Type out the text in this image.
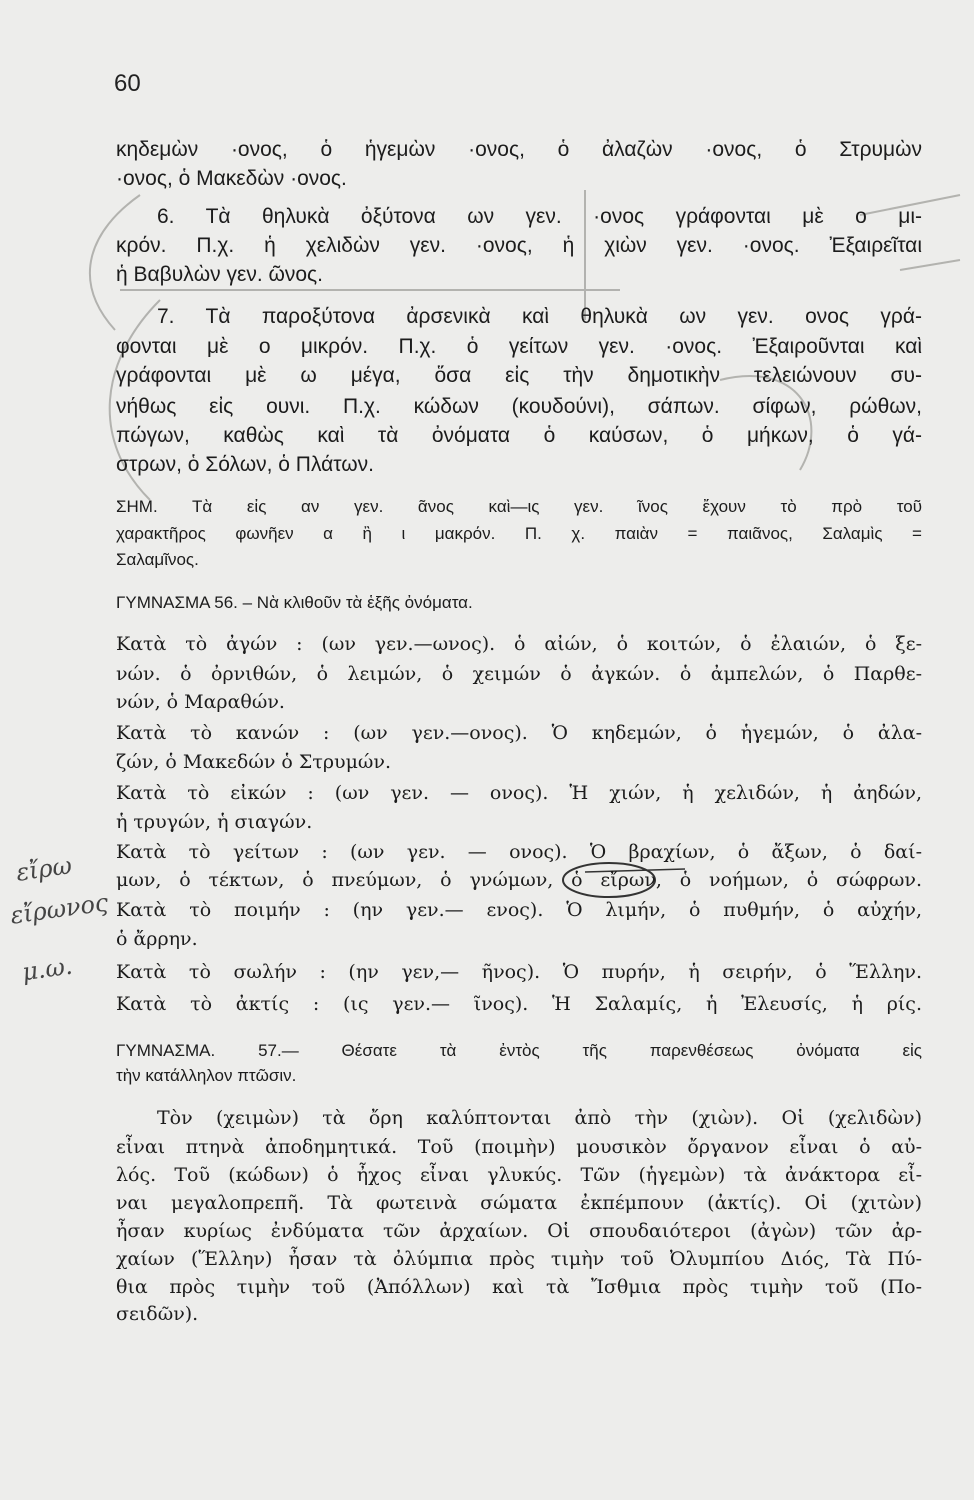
60
κηδεμὼν ·ονος, ὁ ἡγεμὼν ·ονος, ὁ ἀλαζὼν ·ονος, ὁ Στρυμὼν
·ονος, ὁ Μακεδὼν ·ονος.
6. Τὰ θηλυκὰ ὀξύτονα ων γεν. ·ονος γράφονται μὲ ο μι-
κρόν. Π.χ. ἡ χελιδὼν γεν. ·ονος, ἡ χιὼν γεν. ·ονος. Ἐξαιρεῖται
ἡ Βαβυλὼν γεν. ῶνος.
7. Τὰ παροξύτονα ἀρσενικὰ καὶ θηλυκὰ ων γεν. ονος γρά-
φονται μὲ ο μικρόν. Π.χ. ὁ γείτων γεν. ·ονος. Ἐξαιροῦνται καὶ
γράφονται μὲ ω μέγα, ὅσα εἰς τὴν δημοτικὴν τελειώνουν συ-
νήθως εἰς ουνι. Π.χ. κώδων (κουδούνι), σάπων. σίφων, ρώθων,
πώγων, καθὼς καὶ τὰ ὀνόματα ὁ καύσων, ὁ μήκων, ὁ γά-
στρων, ὁ Σόλων, ὁ Πλάτων.
ΣΗΜ. Τὰ εἰς αν γεν. ᾶνος καὶ—ις γεν. ῖνος ἔχουν τὸ πρὸ τοῦ
χαρακτῆρος φωνῆεν α ἢ ι μακρόν. Π. χ. παιὰν = παιᾶνος, Σαλαμὶς =
Σαλαμῖνος.
ΓΥΜΝΑΣΜΑ 56. – Νὰ κλιθοῦν τὰ ἑξῆς ὀνόματα.
Κατὰ τὸ ἀγών : (ων γεν.—ωνος). ὁ αἰών, ὁ κοιτών, ὁ ἐλαιών, ὁ ξε-
νών. ὁ ὀρνιθών, ὁ λειμών, ὁ χειμών ὁ ἀγκών. ὁ ἀμπελών, ὁ Παρθε-
νών, ὁ Μαραθών.
Κατὰ τὸ κανών : (ων γεν.—ονος). Ὁ κηδεμών, ὁ ἡγεμών, ὁ ἀλα-
ζών, ὁ Μακεδών ὁ Στρυμών.
Κατὰ τὸ εἰκών : (ων γεν. — ονος). Ἡ χιών, ἡ χελιδών, ἡ ἀηδών,
ἡ τρυγών, ἡ σιαγών.
Κατὰ τὸ γείτων : (ων γεν. — ονος). Ὁ βραχίων, ὁ ἄξων, ὁ δαί-
μων, ὁ τέκτων, ὁ πνεύμων, ὁ γνώμων, ὁ εἴρων, ὁ νοήμων, ὁ σώφρων.
Κατὰ τὸ ποιμήν : (ην γεν.— ενος). Ὁ λιμήν, ὁ πυθμήν, ὁ αὐχήν,
ὁ ἄρρην.
Κατὰ τὸ σωλήν : (ην γεν,— ῆνος). Ὁ πυρήν, ἡ σειρήν, ὁ Ἕλλην.
Κατὰ τὸ ἀκτίς : (ις γεν.— ῖνος). Ἡ Σαλαμίς, ἡ Ἐλευσίς, ἡ ρίς.
ΓΥΜΝΑΣΜΑ. 57.— Θέσατε τὰ ἐντὸς τῆς παρενθέσεως ὀνόματα εἰς
τὴν κατάλληλον πτῶσιν.
Τὸν (χειμὼν) τὰ ὄρη καλύπτονται ἀπὸ τὴν (χιὼν). Οἱ (χελιδὼν)
εἶναι πτηνὰ ἀποδημητικά. Τοῦ (ποιμὴν) μουσικὸν ὄργανον εἶναι ὁ αὐ-
λός. Τοῦ (κώδων) ὁ ἦχος εἶναι γλυκύς. Τῶν (ἡγεμὼν) τὰ ἀνάκτορα εἶ-
ναι μεγαλοπρεπῆ. Τὰ φωτεινὰ σώματα ἐκπέμπουν (ἀκτίς). Οἱ (χιτὼν)
ἦσαν κυρίως ἐνδύματα τῶν ἀρχαίων. Οἱ σπουδαιότεροι (ἀγὼν) τῶν ἀρ-
χαίων (Ἕλλην) ἦσαν τὰ ὀλύμπια πρὸς τιμὴν τοῦ Ὀλυμπίου Διός, Τὰ Πύ-
θια πρὸς τιμὴν τοῦ (Ἀπόλλων) καὶ τὰ Ἴσθμια πρὸς τιμὴν τοῦ (Πο-
σειδῶν).
εἴρω
εἴρωνος
μ.ω.
